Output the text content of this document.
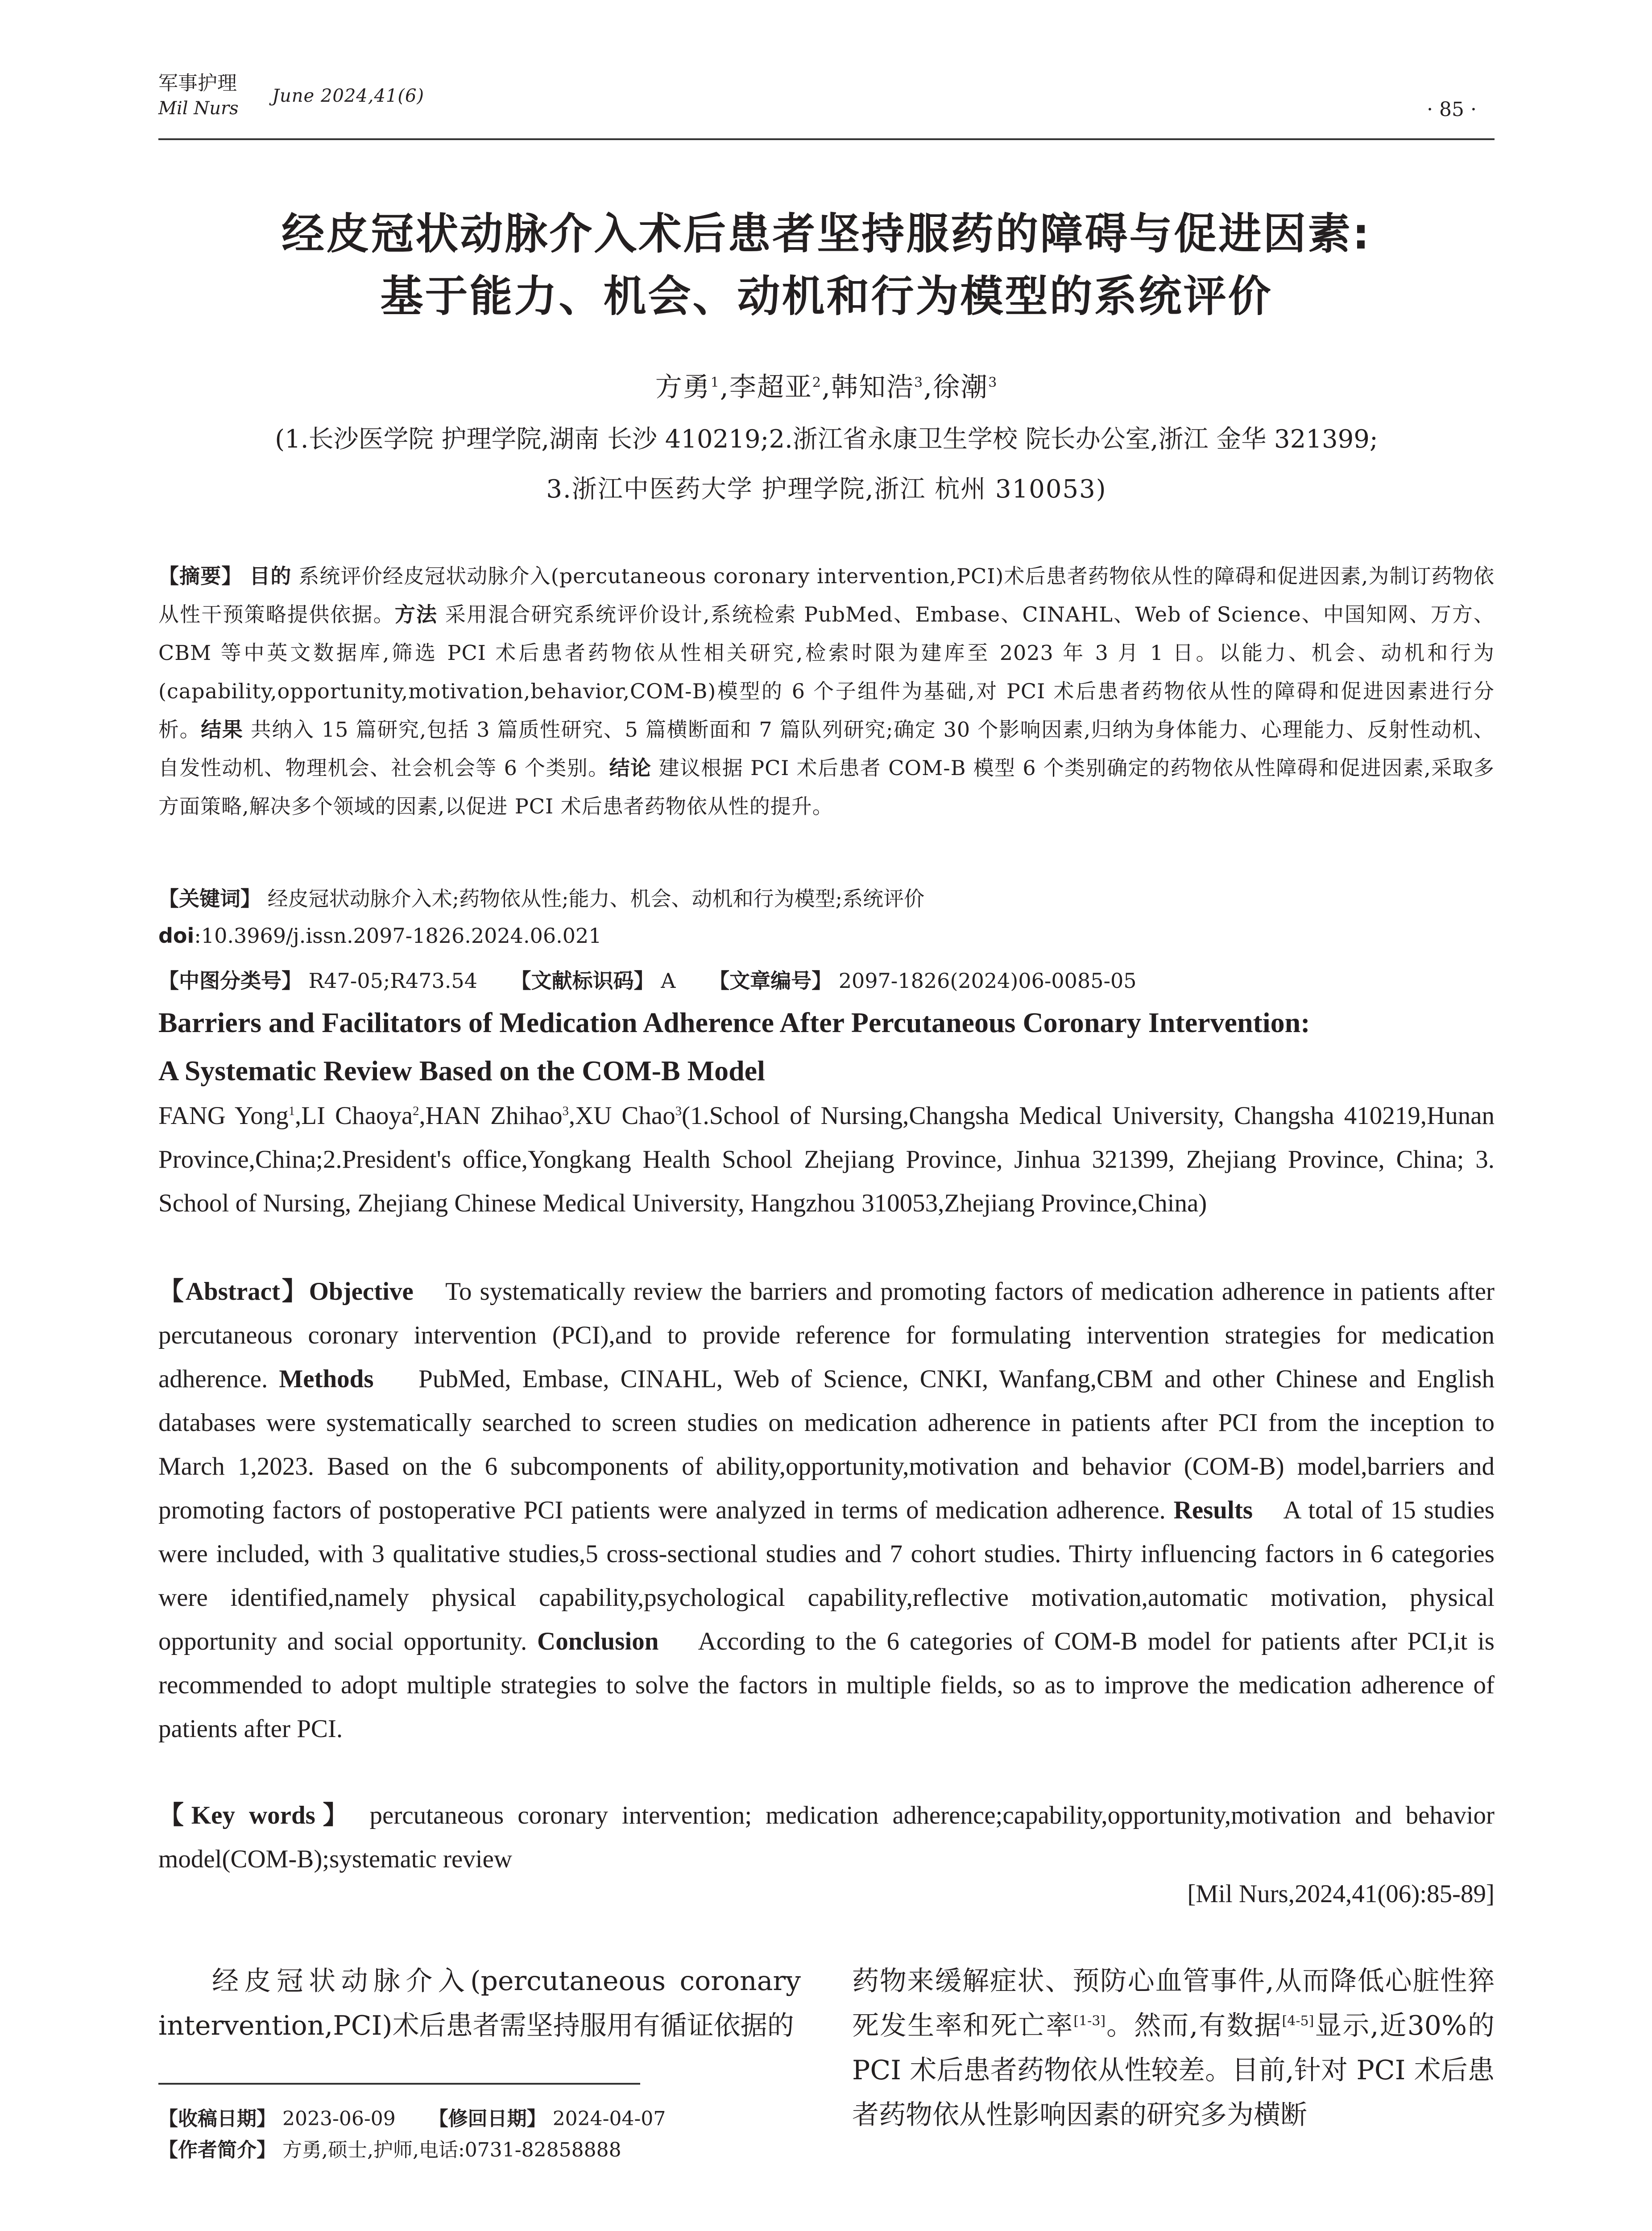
军事护理
Mil Nurs
June 2024,41(6)
· 85 ·
经皮冠状动脉介入术后患者坚持服药的障碍与促进因素:
基于能力、机会、动机和行为模型的系统评价
方勇$^1$,李超亚$^2$,韩知浩$^3$,徐潮$^3$
(1.长沙医学院 护理学院,湖南 长沙 410219;2.浙江省永康卫生学校 院长办公室,浙江 金华 321399;
3.浙江中医药大学 护理学院,浙江 杭州 310053)
【摘要】 目的 系统评价经皮冠状动脉介入(percutaneous coronary intervention,PCI)术后患者药物依从性的障碍和促进因素,为制订药物依从性干预策略提供依据。方法 采用混合研究系统评价设计,系统检索 PubMed、Embase、CINAHL、Web of Science、中国知网、万方、CBM 等中英文数据库,筛选 PCI 术后患者药物依从性相关研究,检索时限为建库至 2023 年 3 月 1 日。以能力、机会、动机和行为(capability,opportunity,motivation,behavior,COM-B)模型的 6 个子组件为基础,对 PCI 术后患者药物依从性的障碍和促进因素进行分析。结果 共纳入 15 篇研究,包括 3 篇质性研究、5 篇横断面和 7 篇队列研究;确定 30 个影响因素,归纳为身体能力、心理能力、反射性动机、自发性动机、物理机会、社会机会等 6 个类别。结论 建议根据 PCI 术后患者 COM-B 模型 6 个类别确定的药物依从性障碍和促进因素,采取多方面策略,解决多个领域的因素,以促进 PCI 术后患者药物依从性的提升。
【关键词】 经皮冠状动脉介入术;药物依从性;能力、机会、动机和行为模型;系统评价
doi:10.3969/j.issn.2097-1826.2024.06.021
【中图分类号】 R47-05;R473.54 【文献标识码】 A 【文章编号】 2097-1826(2024)06-0085-05
Barriers and Facilitators of Medication Adherence After Percutaneous Coronary Intervention:
A Systematic Review Based on the COM-B Model
FANG Yong$^1$,LI Chaoya$^2$,HAN Zhihao$^3$,XU Chao$^3$(1.School of Nursing,Changsha Medical University, Changsha 410219,Hunan Province,China;2.President's office,Yongkang Health School Zhejiang Province, Jinhua 321399, Zhejiang Province, China; 3. School of Nursing, Zhejiang Chinese Medical University, Hangzhou 310053,Zhejiang Province,China)
【Abstract】Objective To systematically review the barriers and promoting factors of medication adherence in patients after percutaneous coronary intervention (PCI),and to provide reference for formulating intervention strategies for medication adherence. Methods PubMed, Embase, CINAHL, Web of Science, CNKI, Wanfang,CBM and other Chinese and English databases were systematically searched to screen studies on medication adherence in patients after PCI from the inception to March 1,2023. Based on the 6 subcomponents of ability,opportunity,motivation and behavior (COM-B) model,barriers and promoting factors of postoperative PCI patients were analyzed in terms of medication adherence. Results A total of 15 studies were included, with 3 qualitative studies,5 cross-sectional studies and 7 cohort studies. Thirty influencing factors in 6 categories were identified,namely physical capability,psychological capability,reflective motivation,automatic motivation, physical opportunity and social opportunity. Conclusion According to the 6 categories of COM-B model for patients after PCI,it is recommended to adopt multiple strategies to solve the factors in multiple fields, so as to improve the medication adherence of patients after PCI.
【Key words】 percutaneous coronary intervention; medication adherence;capability,opportunity,motivation and behavior model(COM-B);systematic review
[Mil Nurs,2024,41(06):85-89]
经皮冠状动脉介入(percutaneous coronary intervention,PCI)术后患者需坚持服用有循证依据的
药物来缓解症状、预防心血管事件,从而降低心脏性猝死发生率和死亡率[1-3]。然而,有数据[4-5]显示,近30%的 PCI 术后患者药物依从性较差。目前,针对 PCI 术后患者药物依从性影响因素的研究多为横断
【收稿日期】 2023-06-09 【修回日期】 2024-04-07
【作者简介】 方勇,硕士,护师,电话:0731-82858888
